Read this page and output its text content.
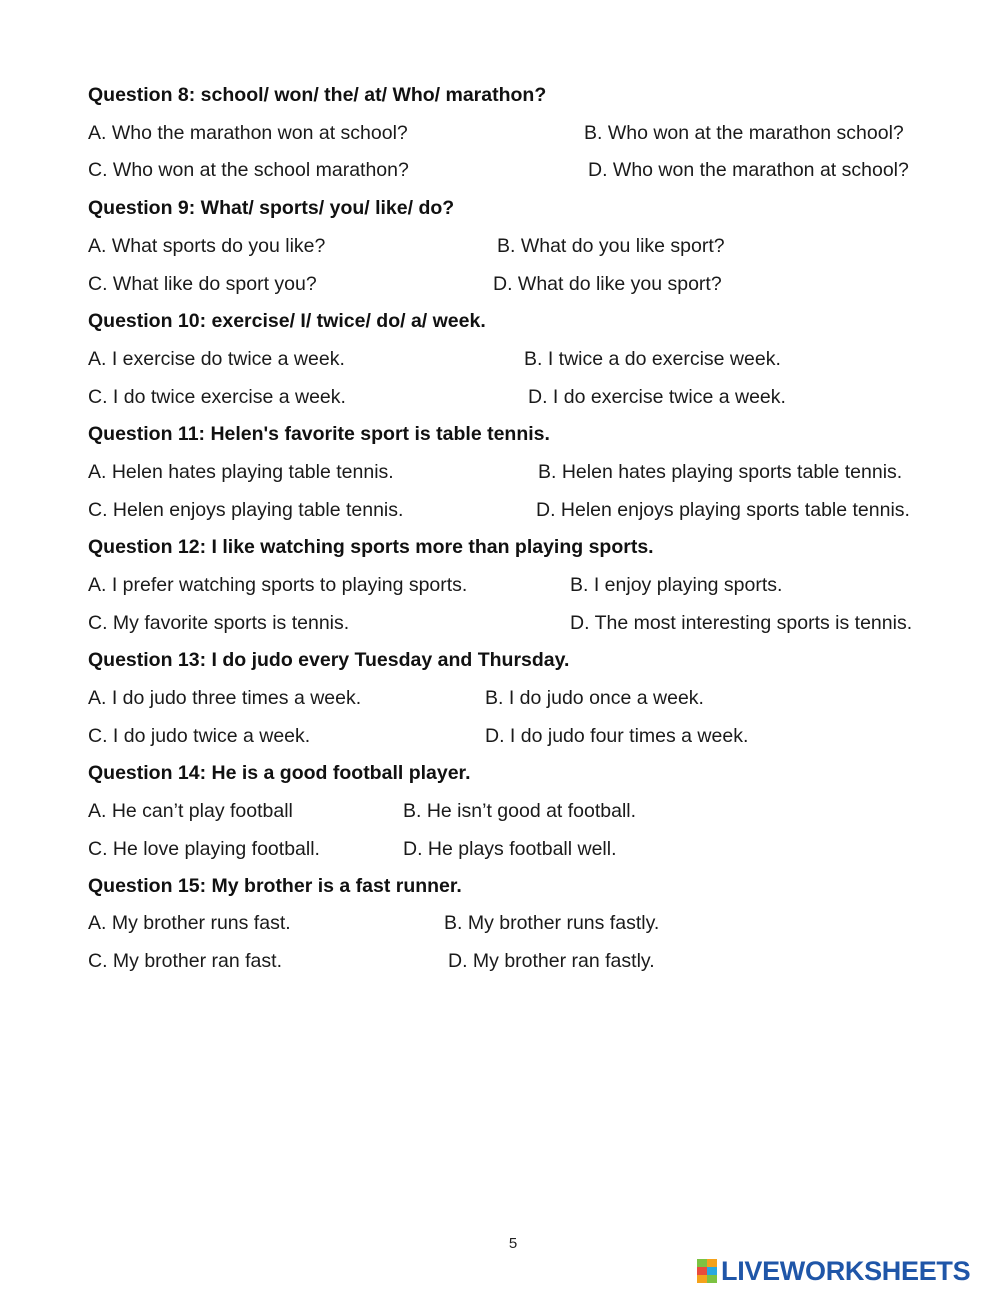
Question 8: school/ won/ the/ at/ Who/ marathon?
A. Who the marathon won at school?	B. Who won at the marathon school?
C. Who won at the school marathon?	D. Who won the marathon at school?
Question 9: What/ sports/ you/ like/ do?
A. What sports do you like?	B. What do you like sport?
C. What like do sport you?	D. What do like you sport?
Question 10: exercise/ I/ twice/ do/ a/ week.
A. I exercise do twice a week.	B. I twice a do exercise week.
C. I do twice exercise a week.	D. I do exercise twice a week.
Question 11: Helen's favorite sport is table tennis.
A. Helen hates playing table tennis.	B. Helen hates playing sports table tennis.
C. Helen enjoys playing table tennis.	D. Helen enjoys playing sports table tennis.
Question 12: I like watching sports more than playing sports.
A. I prefer watching sports to playing sports.	B. I enjoy playing sports.
C. My favorite sports is tennis.	D. The most interesting sports is tennis.
Question 13: I do judo every Tuesday and Thursday.
A. I do judo three times a week.	B. I do judo once a week.
C. I do judo twice a week.	D. I do judo four times a week.
Question 14: He is a good football player.
A. He can’t play football	B. He isn’t good at football.
C. He love playing football.	D. He plays football well.
Question 15: My brother is a fast runner.
A. My brother runs fast.	B. My brother runs fastly.
C. My brother ran fast.	D. My brother ran fastly.
5
LIVEWORKSHEETS
